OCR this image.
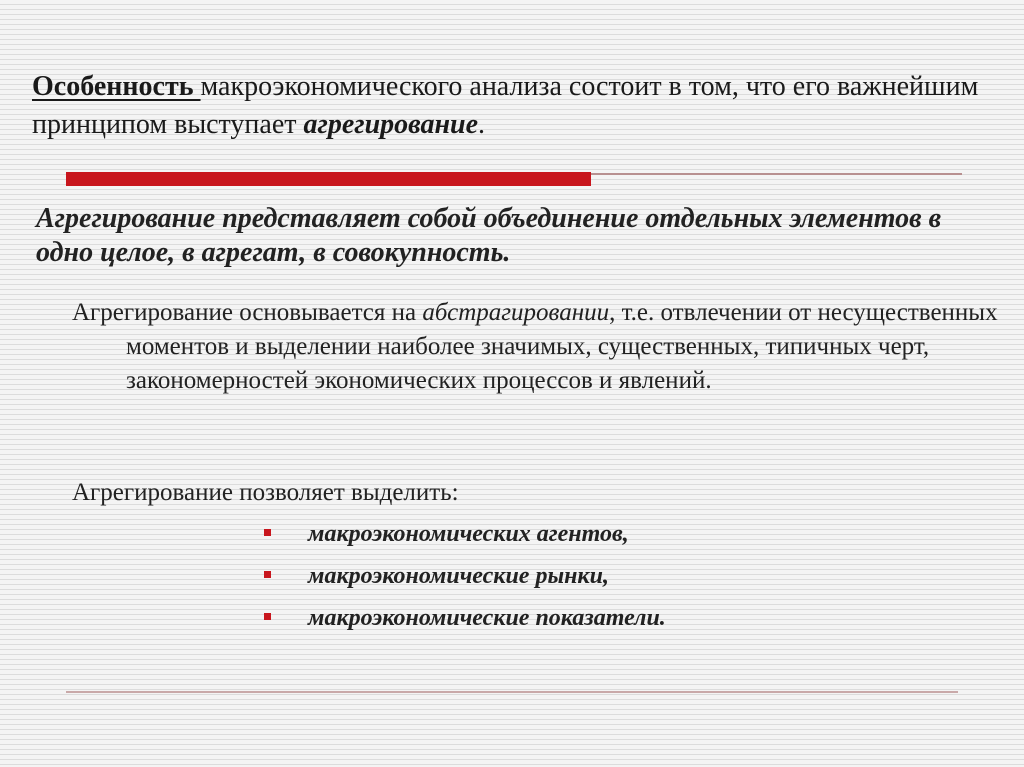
Особенность макроэкономического анализа состоит в том, что его важнейшим принципом выступает агрегирование.
Агрегирование представляет собой объединение отдельных элементов в одно целое, в агрегат, в совокупность.
Агрегирование основывается на абстрагировании, т.е. отвлечении от несущественных моментов и выделении наиболее значимых, существенных, типичных черт, закономерностей экономических процессов и явлений.
Агрегирование позволяет выделить:
макроэкономических агентов,
макроэкономические рынки,
макроэкономические показатели.
